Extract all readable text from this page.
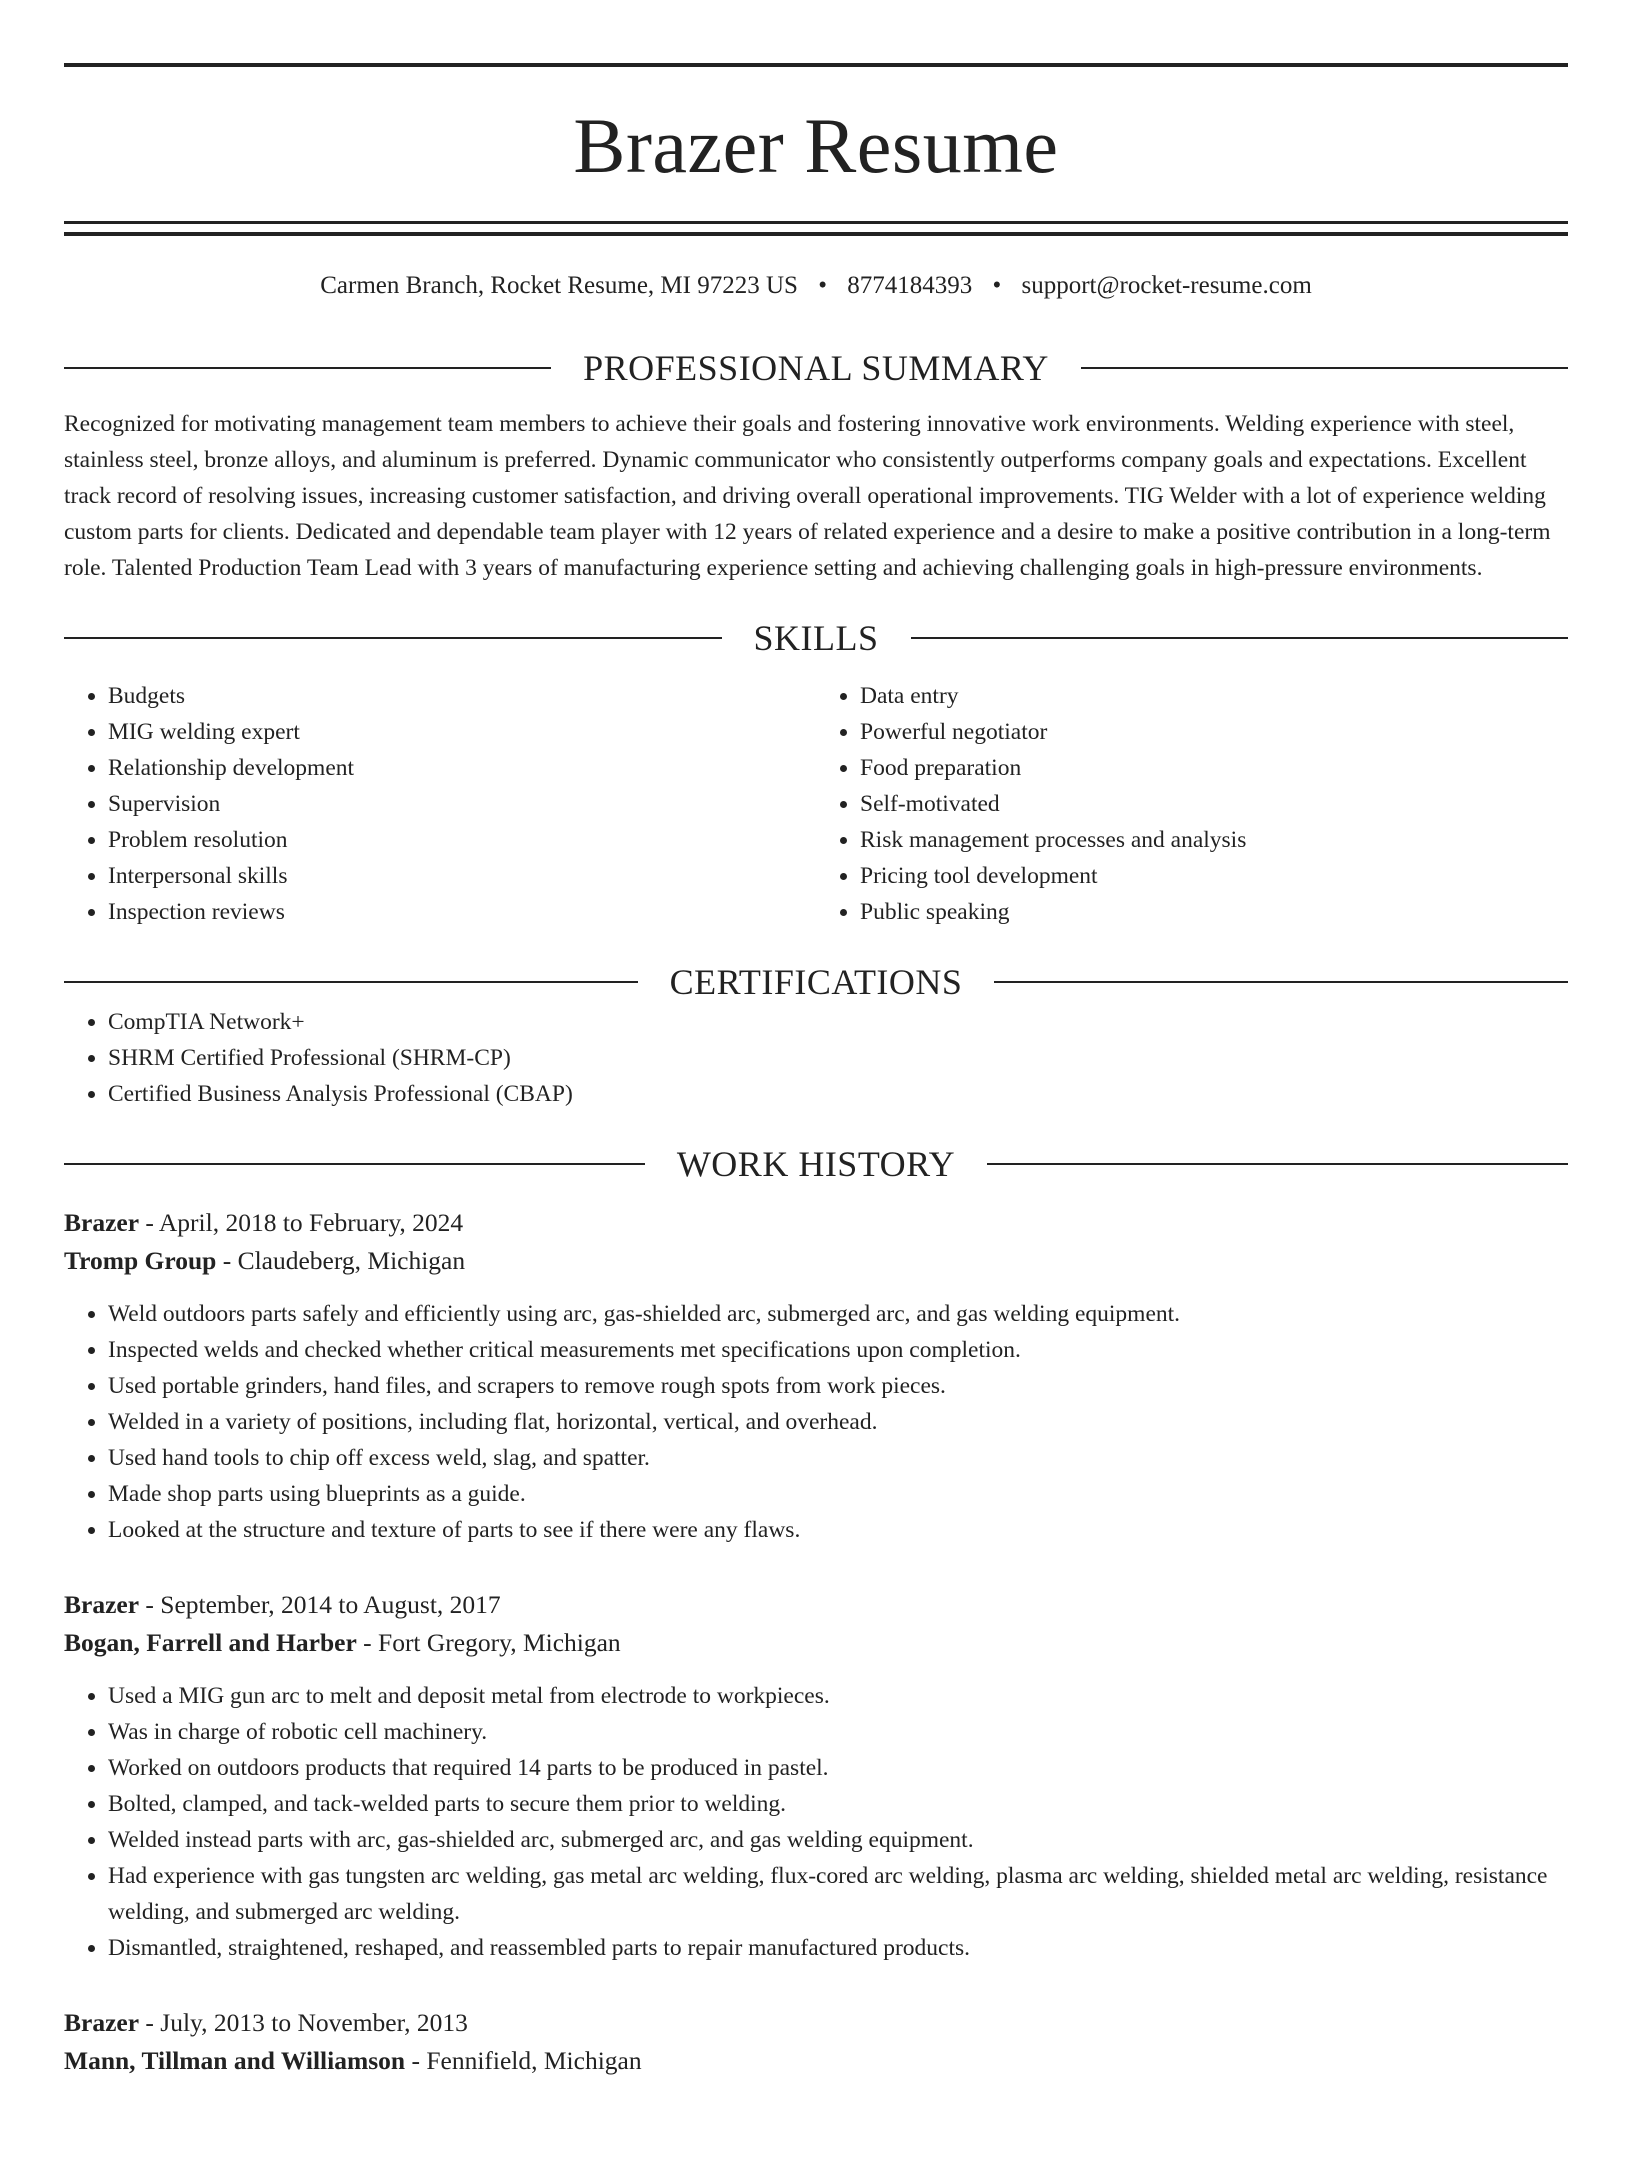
Brazer Resume
Carmen Branch, Rocket Resume, MI 97223 US • 8774184393 • support@rocket-resume.com
PROFESSIONAL SUMMARY

Recognized for motivating management team members to achieve their goals and fostering innovative work environments. Welding experience with steel, stainless steel, bronze alloys, and aluminum is preferred. Dynamic communicator who consistently outperforms company goals and expectations. Excellent track record of resolving issues, increasing customer satisfaction, and driving overall operational improvements. TIG Welder with a lot of experience welding custom parts for clients. Dedicated and dependable team player with 12 years of related experience and a desire to make a positive contribution in a long-term role. Talented Production Team Lead with 3 years of manufacturing experience setting and achieving challenging goals in high-pressure environments.

SKILLS
• Budgets
• MIG welding expert
• Relationship development
• Supervision
• Problem resolution
• Interpersonal skills
• Inspection reviews
• Data entry
• Powerful negotiator
• Food preparation
• Self-motivated
• Risk management processes and analysis
• Pricing tool development
• Public speaking
CERTIFICATIONS
• CompTIA Network+
• SHRM Certified Professional (SHRM-CP)
• Certified Business Analysis Professional (CBAP)
WORK HISTORY
Brazer - April, 2018 to February, 2024
Tromp Group - Claudeberg, Michigan
• Weld outdoors parts safely and efficiently using arc, gas-shielded arc, submerged arc, and gas welding equipment.
• Inspected welds and checked whether critical measurements met specifications upon completion.
• Used portable grinders, hand files, and scrapers to remove rough spots from work pieces.
• Welded in a variety of positions, including flat, horizontal, vertical, and overhead.
• Used hand tools to chip off excess weld, slag, and spatter.
• Made shop parts using blueprints as a guide.
• Looked at the structure and texture of parts to see if there were any flaws.
Brazer - September, 2014 to August, 2017
Bogan, Farrell and Harber - Fort Gregory, Michigan
• Used a MIG gun arc to melt and deposit metal from electrode to workpieces.
• Was in charge of robotic cell machinery.
• Worked on outdoors products that required 14 parts to be produced in pastel.
• Bolted, clamped, and tack-welded parts to secure them prior to welding.
• Welded instead parts with arc, gas-shielded arc, submerged arc, and gas welding equipment.
• Had experience with gas tungsten arc welding, gas metal arc welding, flux-cored arc welding, plasma arc welding, shielded metal arc welding, resistance welding, and submerged arc welding.
• Dismantled, straightened, reshaped, and reassembled parts to repair manufactured products.
Brazer - July, 2013 to November, 2013
Mann, Tillman and Williamson - Fennifield, Michigan
